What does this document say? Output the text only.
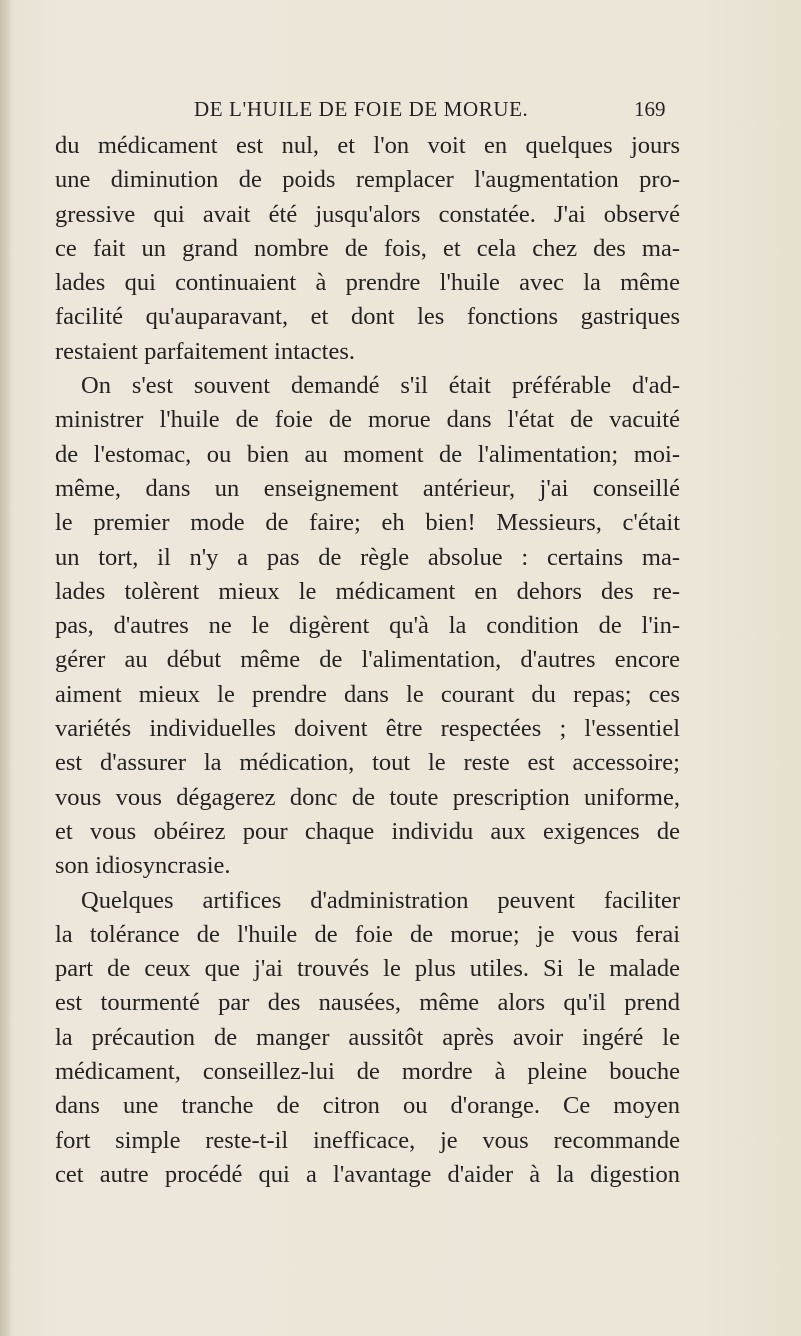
DE L'HUILE DE FOIE DE MORUE.	169
du médicament est nul, et l'on voit en quelques jours
une diminution de poids remplacer l'augmentation pro-
gressive qui avait été jusqu'alors constatée. J'ai observé
ce fait un grand nombre de fois, et cela chez des ma-
lades qui continuaient à prendre l'huile avec la même
facilité qu'auparavant, et dont les fonctions gastriques
restaient parfaitement intactes.
On s'est souvent demandé s'il était préférable d'ad-
ministrer l'huile de foie de morue dans l'état de vacuité
de l'estomac, ou bien au moment de l'alimentation; moi-
même, dans un enseignement antérieur, j'ai conseillé
le premier mode de faire; eh bien! Messieurs, c'était
un tort, il n'y a pas de règle absolue : certains ma-
lades tolèrent mieux le médicament en dehors des re-
pas, d'autres ne le digèrent qu'à la condition de l'in-
gérer au début même de l'alimentation, d'autres encore
aiment mieux le prendre dans le courant du repas; ces
variétés individuelles doivent être respectées ; l'essentiel
est d'assurer la médication, tout le reste est accessoire;
vous vous dégagerez donc de toute prescription uniforme,
et vous obéirez pour chaque individu aux exigences de
son idiosyncrasie.
Quelques artifices d'administration peuvent faciliter
la tolérance de l'huile de foie de morue; je vous ferai
part de ceux que j'ai trouvés le plus utiles. Si le malade
est tourmenté par des nausées, même alors qu'il prend
la précaution de manger aussitôt après avoir ingéré le
médicament, conseillez-lui de mordre à pleine bouche
dans une tranche de citron ou d'orange. Ce moyen
fort simple reste-t-il inefficace, je vous recommande
cet autre procédé qui a l'avantage d'aider à la digestion
